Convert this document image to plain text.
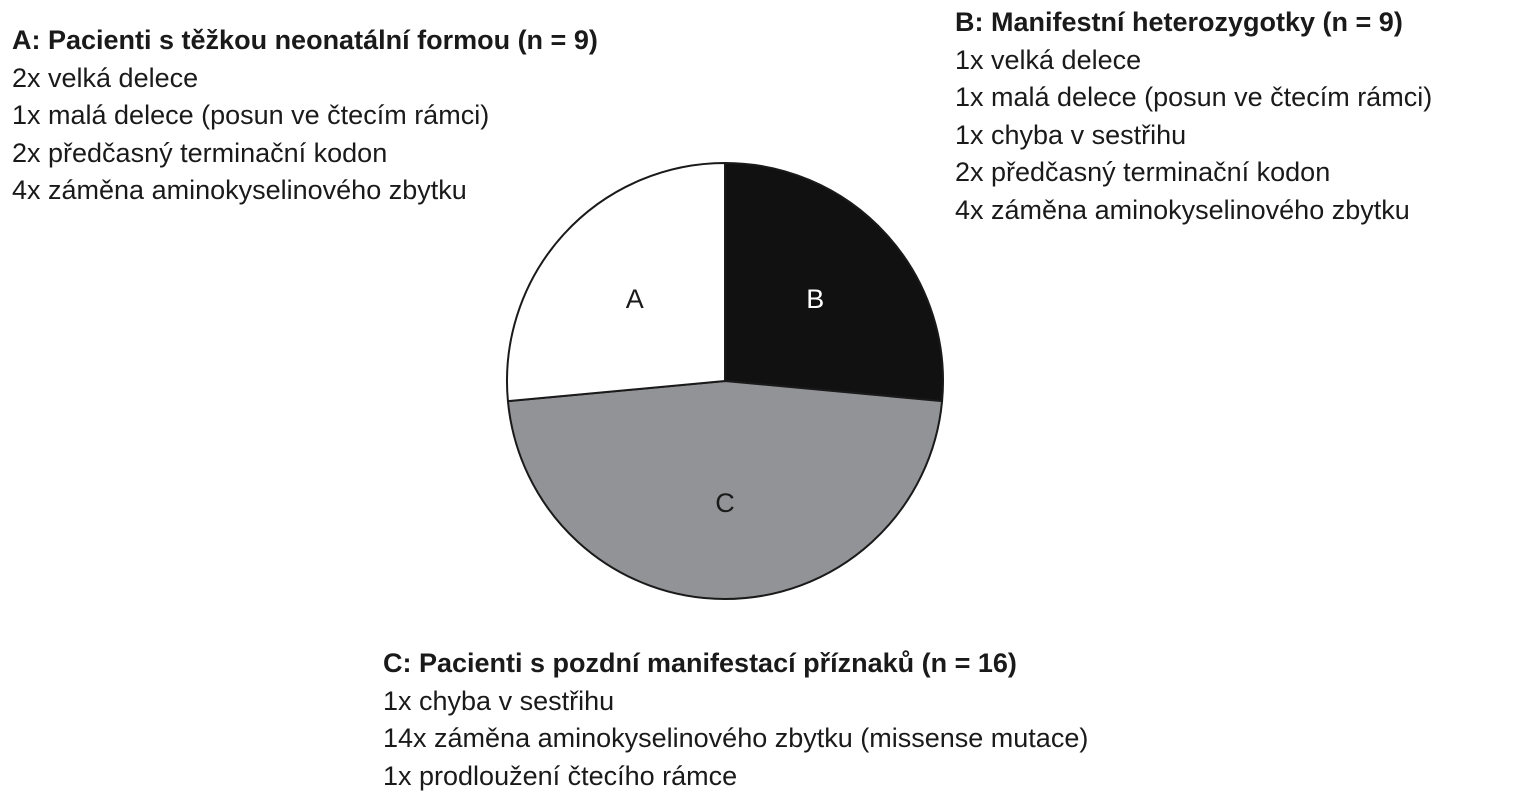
B
C
A

A: Pacienti s těžkou neonatální formou (n = 9)

2x velká delece
1x malá delece (posun ve čtecím rámci)
2x předčasný terminační kodon
4x záměna aminokyselinového zbytku

B: Manifestní heterozygotky (n = 9)

1x velká delece
1x malá delece (posun ve čtecím rámci)
1x chyba v sestřihu
2x předčasný terminační kodon
4x záměna aminokyselinového zbytku

C: Pacienti s pozdní manifestací příznaků (n = 16)

1x chyba v sestřihu
14x záměna aminokyselinového zbytku (missense mutace)
1x prodloužení čtecího rámce
